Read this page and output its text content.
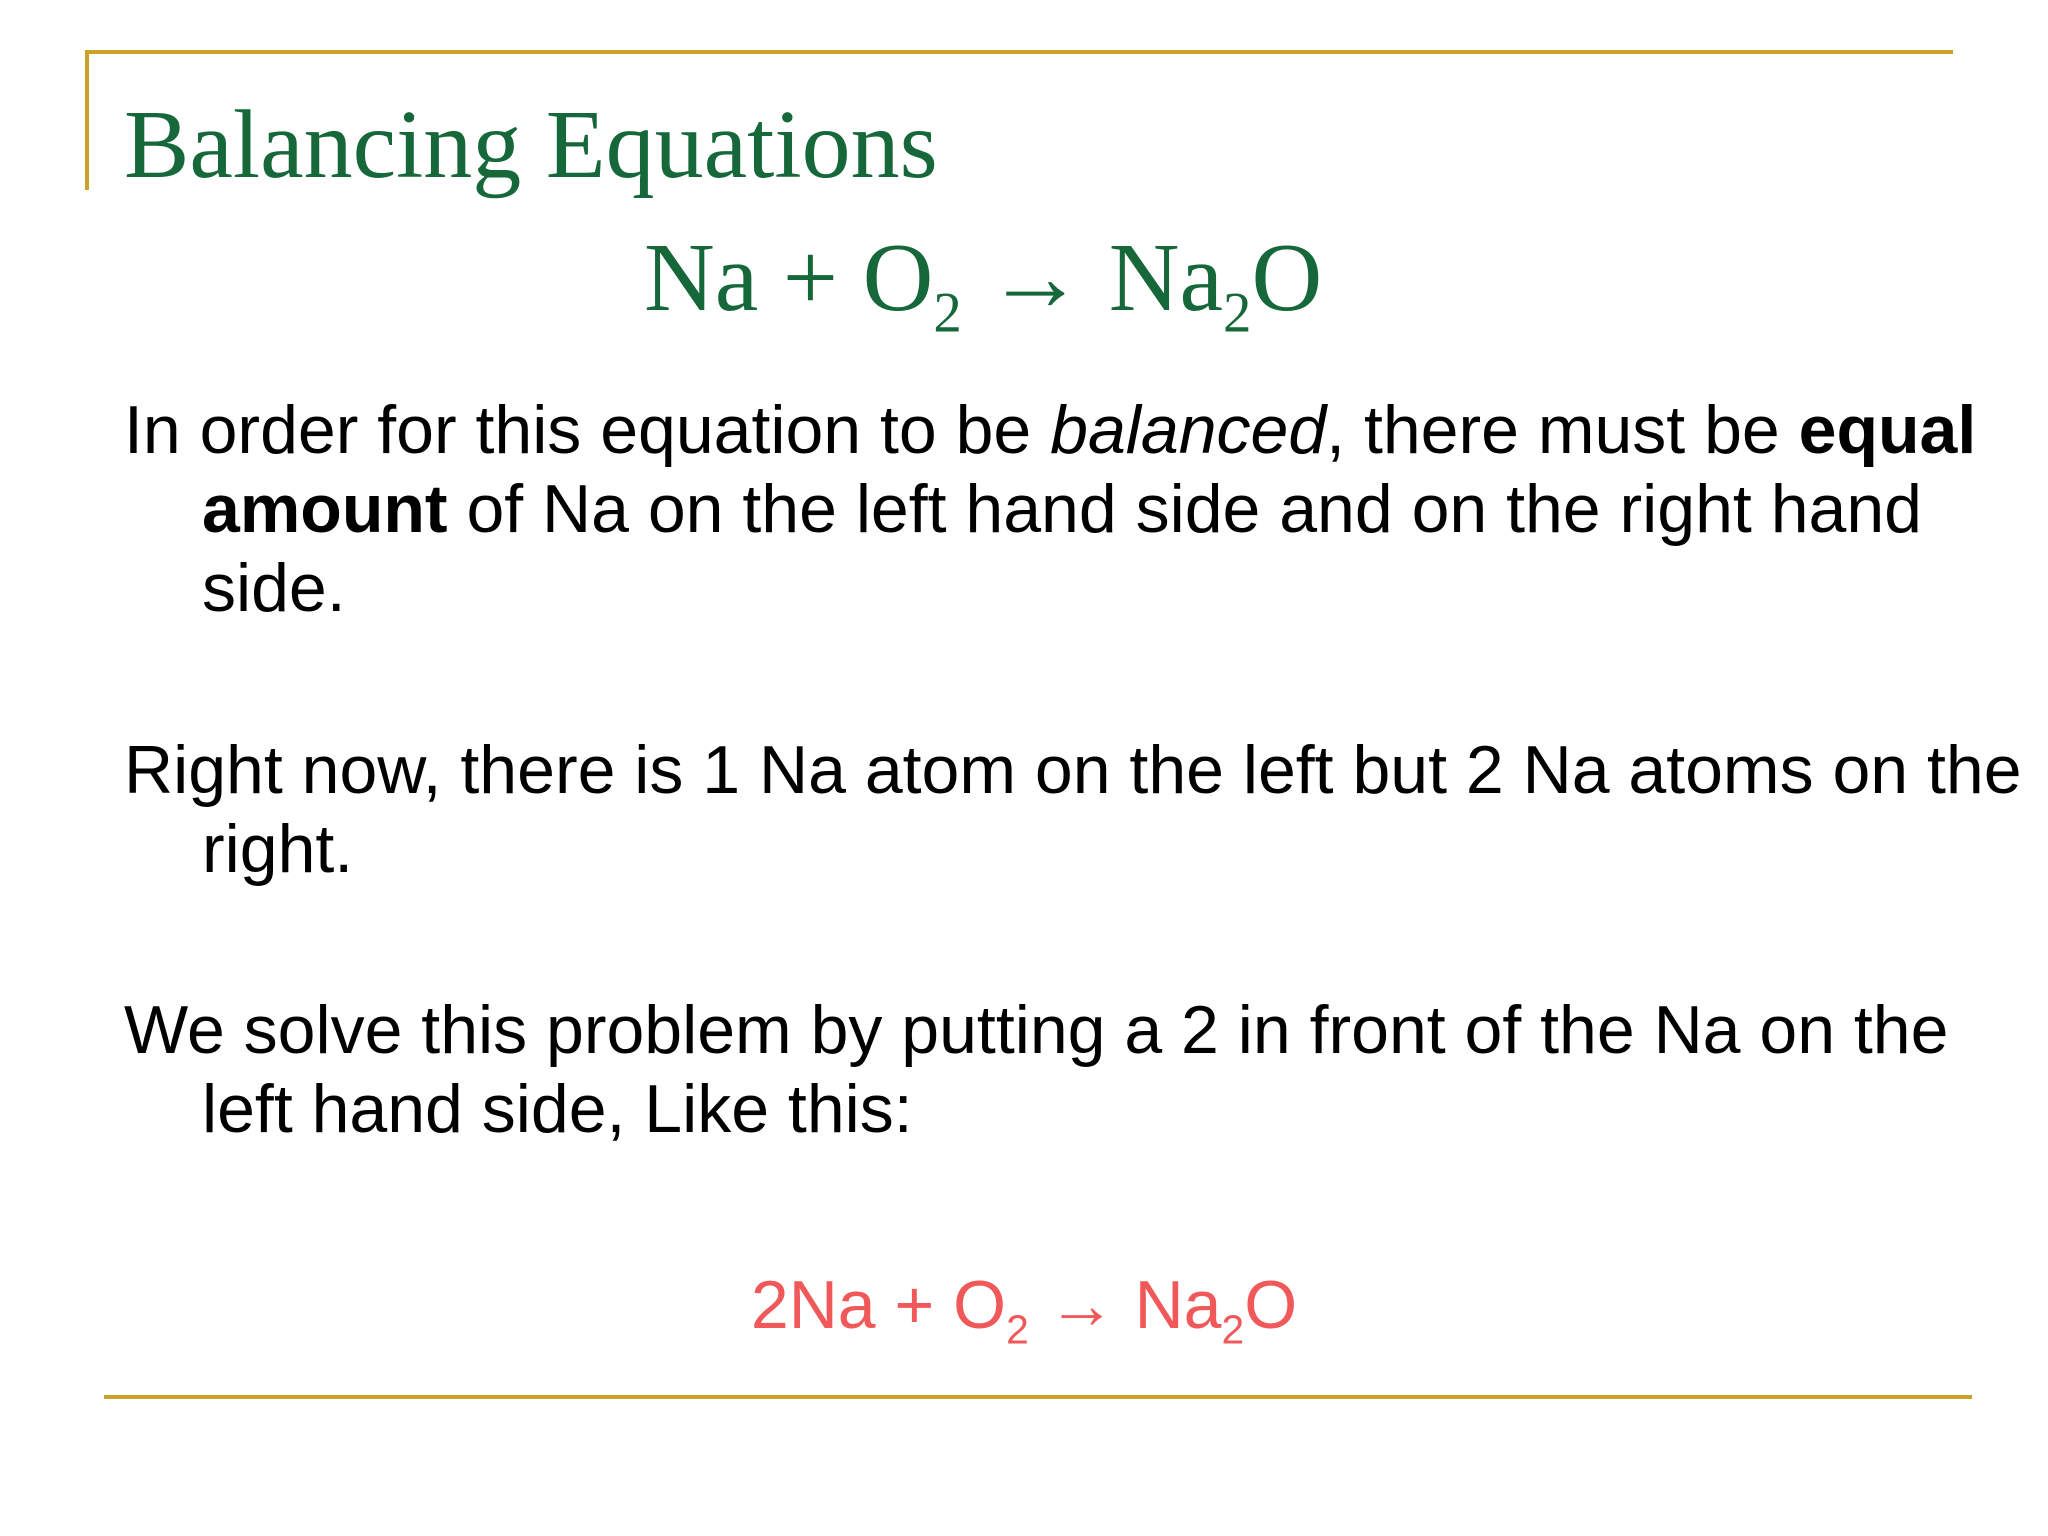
Balancing Equations
$Na + O_2 \to Na_2O$

In order for this equation to be balanced, there must be equal amount of Na on the left hand side and on the right hand side.

Right now, there is 1 Na atom on the left but 2 Na atoms on the right.

We solve this problem by putting a 2 in front of the Na on the left hand side, Like this:

$2Na + O_2 \to Na_2O$
